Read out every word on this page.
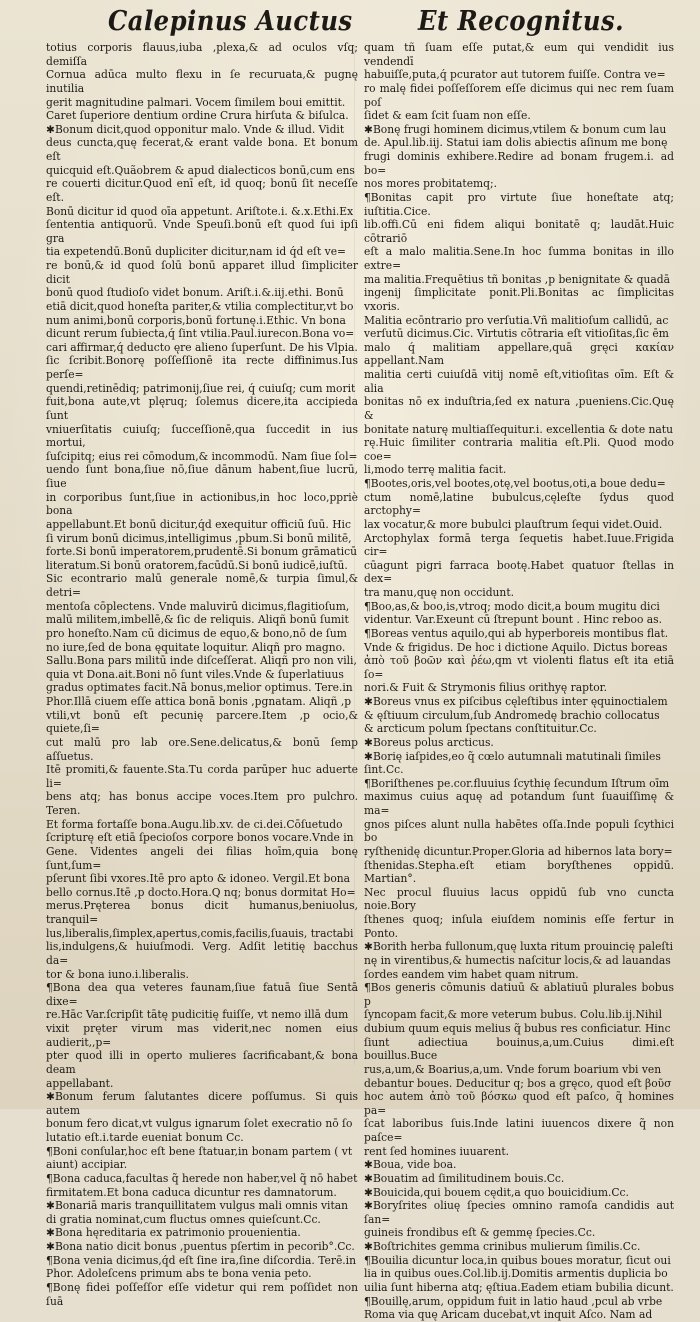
Calepinus Auctus Et Recognitus.

totius corporis flauus,iuba ,plexa,& ad oculos vſq; demiſſa

Cornua adūca multo flexu in ſe recuruata,& pugnę inutilia

gerit magnitudine palmari. Vocem ſimilem boui emittit.

Caret ſuperiore dentium ordine Crura hirſuta & biſulca.

✱Bonum dicit,quod opponitur malo. Vnde & illud. Vidit

deus cuncta,quę fecerat,& erant valde bona. Et bonum eſt

quicquid eſt.Quãobrem & apud dialecticos bonū,cum ens

re couerti dicitur.Quod enī eſt, id quoq; bonū ſit neceſſe eſt.

Bonū dicitur id quod oīa appetunt. Ariſtote.i. &.x.Ethi.Ex

ſententia antiquorū. Vnde Speuſi.bonū eſt quod ſui ipſi gra

tia expetendū.Bonū dupliciter dicitur,nam id q́d eſt ve=

re bonū,& id quod ſolū bonū apparet illud ſimpliciter dicit

bonū quod ſtudioſo videt bonum. Ariſt.i.&.iij.ethi. Bonū

etiā dicit,quod honeſta pariter,& vtilia complectitur,vt bo

num animi,bonū corporis,bonū fortunę.i.Ethic. Vn bona

dicunt rerum ſubiecta,q́ ſint vtilia.Paul.iurecon.Bona vo=

cari affirmar,q́ deducto ęre alieno ſuperſunt. De his Vlpia.

ſic ſcribit.Bonorę poſſeſſionē ita recte diffinimus.Ius perſe=

quendi,retinēdiq; patrimonij,ſiue rei, q́ cuiuſq; cum morit

fuit,bona aute,vt plęruq; ſolemus dicere,ita accipieda ſunt

vniuerſitatis cuiuſq; ſucceſſionē,qua ſuccedit in ius mortui,

ſuſcipitq; eius rei cōmodum,& incommodū. Nam ſiue ſol=

uendo ſunt bona,ſiue nō,ſiue dānum habent,ſiue lucrū, ſiue

in corporibus ſunt,ſiue in actionibus,in hoc loco,ppriè bona

appellabunt.Et bonū dicitur,q́d exequitur officiū ſuū. Hic

ſi virum bonū dicimus,intelligimus ,pbum.Si bonū militē,

forte.Si bonū imperatorem,prudentē.Si bonum grāmaticū

literatum.Si bonū oratorem,facūdū.Si bonū iudicē,iuſtū.

Sic econtrario malū generale nomē,& turpia ſimul,& detri=

mentoſa cōplectens. Vnde maluvirū dicimus,flagitioſum,

malū militem,imbellē,& ſic de reliquis. Aliqñ bonū ſumit

pro honeſto.Nam cū dicimus de equo,& bono,nō de ſum

no iure,ſed de bona ęquitate loquitur. Aliqñ pro magno.

Sallu.Bona pars militū inde diſceſſerat. Aliqñ pro non vili,

quia vt Dona.ait.Boni nō ſunt viles.Vnde & ſuperlatiuus

gradus optimates facit.Nā bonus,melior optimus. Tere.in

Phor.Illā ciuem eſſe attica bonā bonis ,pgnatam. Aliqñ ,p

vtili,vt bonū eſt pecunię parcere.Item ,p ocio,& quiete,ſi=

cut malū pro lab ore.Sene.delicatus,& bonū ſemp aſſuetus.

Itē promiti,& fauente.Sta.Tu corda parūper huc aduerte li=

bens atq; has bonus accipe voces.Item pro pulchro. Teren.

Et forma fortaſſe bona.Augu.lib.xv. de ci.dei.Cōſuetudo

ſcripturę eſt etiā ſpecioſos corpore bonos vocare.Vnde in

Gene. Videntes angeli dei filias hoīm,quia bonę ſunt,ſum=

pſerunt ſibi vxores.Itē pro apto & idoneo. Vergil.Et bona

bello cornus.Itē ,p docto.Hora.Q nq; bonus dormitat Ho=

merus.Pręterea bonus dicit humanus,beniuolus, tranquil=

lus,liberalis,ſimplex,apertus,comis,facilis,ſuauis, tractabi

lis,indulgens,& huiuſmodi. Verg. Adſit letitię bacchus da=

tor & bona iuno.i.liberalis.

¶Bona dea qua veteres faunam,ſiue fatuā ſiue Sentā dixe=

re.Hāc Var.ſcripſit tātę pudicitię fuiſſe, vt nemo illā dum

vixit pręter virum mas viderit,nec nomen eius audierit,,p=

pter quod illi in operto mulieres ſacrificabant,& bona deam

appellabant.

✱Bonum ferum ſalutantes dicere poſſumus. Si quis autem

bonum fero dicat,vt vulgus ignarum ſolet execratio nō ſo

lutatio eſt.i.tarde eueniat bonum Cc.

¶Boni conſular,hoc eſt bene ſtatuar,in bonam partem ( vt

aiunt) accipiar.

¶Bona caduca,facultas q̃ herede non haber,vel q̃ nō habet

firmitatem.Et bona caduca dicuntur res damnatorum.

✱Bonariā maris tranquillitatem vulgus mali omnis vitan

di gratia nominat,cum fluctus omnes quieſcunt.Cc.

✱Bona hęreditaria ex patrimonio prouenientia.

✱Bona natio dicit bonus ,puentus pſertim in pecorib°.Cc.

¶Bona venia dicimus,q́d eſt ſine ira,ſine diſcordia. Terē.in

Phor. Adoleſcens primum abs te bona venia peto.

¶Bonę fidei poſſeſſor eſſe videtur qui rem poſſidet non ſuā

quam tñ ſuam eſſe putat,& eum qui vendidit ius vendendī

habuiſſe,puta,q́ pcurator aut tutorem fuiſſe. Contra ve=

ro malę fidei poſſeſſorem eſſe dicimus qui nec rem ſuam poſ

ſidet & eam ſcit ſuam non eſſe.

✱Bonę frugi hominem dicimus,vtilem & bonum cum lau

de. Apul.lib.iij. Statui iam dolis abiectis aſinum me bonę

frugi dominis exhibere.Redire ad bonam frugem.i. ad bo=

nos mores probitatemq;.

¶Bonitas capit pro virtute ſiue honeſtate atq; iuſtitia.Cice.

lib.offi.Cū eni fidem aliqui bonitatē q; laudāt.Huic cōtrariō

eſt a malo malitia.Sene.In hoc ſumma bonitas in illo extre=

ma malitia.Frequētius tñ bonitas ,p benignitate & quadā

ingenij ſimplicitate ponit.Pli.Bonitas ac ſimplicitas vxoris.

Malitia ecōntrario pro verſutia.Vñ malitioſum callidū, ac

verſutū dicimus.Cic. Virtutis cōtraria eſt vitioſitas,ſic ēm

malo q́ malitiam appellare,quā gręci κακίαν appellant.Nam

malitia certi cuiuſdā vitij nomē eſt,vitioſitas oīm. Eſt & alia

bonitas nō ex induſtria,ſed ex natura ,pueniens.Cic.Quę &

bonitate naturę multiaſſequitur.i. excellentia & dote natu

rę.Huic ſimiliter contraria malitia eſt.Pli. Quod modo coe=

li,modo terrę malitia facit.

¶Bootes,oris,vel bootes,otę,vel bootus,oti,a boue dedu=

ctum nomē,latine bubulcus,cęleſte ſydus quod arctophy=

lax vocatur,& more bubulci plauſtrum ſequi videt.Ouid.

Arctophylax formā terga ſequetis habet.Iuue.Frigida cir=

cūagunt pigri farraca bootę.Habet quatuor ſtellas in dex=

tra manu,quę non occidunt.

¶Boo,as,& boo,is,vtroq; modo dicit,a boum mugitu dici

videntur. Var.Exeunt cū ſtrepunt bount . Hinc reboo as.

¶Boreas ventus aquilo,qui ab hyperboreis montibus flat.

Vnde & frigidus. De hoc i dictione Aquilo. Dictus boreas

ἀπὸ τοῦ βοῶν καὶ ῥέω,qm vt violenti flatus eſt ita etiā ſo=

nori.& Fuit & Strymonis filius orithyę raptor.

✱Boreus vnus ex piſcibus cęleſtibus inter ęquinoctialem

& ęſtiuum circulum,ſub Andromedę brachio collocatus

& arcticum polum ſpectans conſtituitur.Cc.

✱Boreus polus arcticus.

✱Borię iaſpides,eo q̃ cœlo autumnali matutinali ſimiles

ſint.Cc.

¶Boriſthenes pe.cor.fluuius ſcythię ſecundum Iſtrum oīm

maximus cuius aquę ad potandum ſunt ſuauiſſimę & ma=

gnos piſces alunt nulla habētes oſſa.Inde populi ſcythici bo

ryſthenidę dicuntur.Proper.Gloria ad hibernos lata bory=

ſthenidas.Stepha.eſt etiam boryſthenes oppidū. Martian°.

Nec procul fluuius lacus oppidū ſub vno cuncta noie.Bory

ſthenes quoq; inſula eiuſdem nominis eſſe fertur in Ponto.

✱Borith herba fullonum,quę luxta ritum prouincię paleſti

nę in virentibus,& humectis naſcitur locis,& ad lauandas

ſordes eandem vim habet quam nitrum.

¶Bos generis cōmunis datiuū & ablatiuū plurales bobus p

ſyncopam facit,& more veterum bubus. Colu.lib.ij.Nihil

dubium quum equis melius q̃ bubus res conficiatur. Hinc

ſiunt adiectiua bouinus,a,um.Cuius dimi.eſt bouillus.Buce

rus,a,um,& Boarius,a,um. Vnde forum boarium vbi ven

debantur boues. Deducitur q; bos a gręco, quod eſt βοῦσ

hoc autem ἀπὸ τοῦ βόσκω quod eſt paſco, q̃ homines pa=

ſcat laboribus ſuis.Inde latini iuuencos dixere q̃ non paſce=

rent ſed homines iuuarent.

✱Boua, vide boa.

✱Bouatim ad ſimilitudinem bouis.Cc.

✱Bouicida,qui bouem cędit,a quo bouicidium.Cc.

✱Boryſrites oliuę ſpecies omnino ramoſa candidis aut ſan=

guineis frondibus eſt & gemmę ſpecies.Cc.

✱Boſtrichites gemma crinibus mulierum ſimilis.Cc.

¶Bouilia dicuntur loca,in quibus boues moratur, ſicut oui

lia in quibus oues.Col.lib.ij.Domitis armentis duplicia bo

uilia ſunt hiberna atq; ęſtiua.Eadem etiam bubilia dicunt.

¶Bouillę,arum, oppidum fuit in latio haud ,pcul ab vrbe

Roma via quę Aricam ducebat,vt inquit Aſco. Nam ad
